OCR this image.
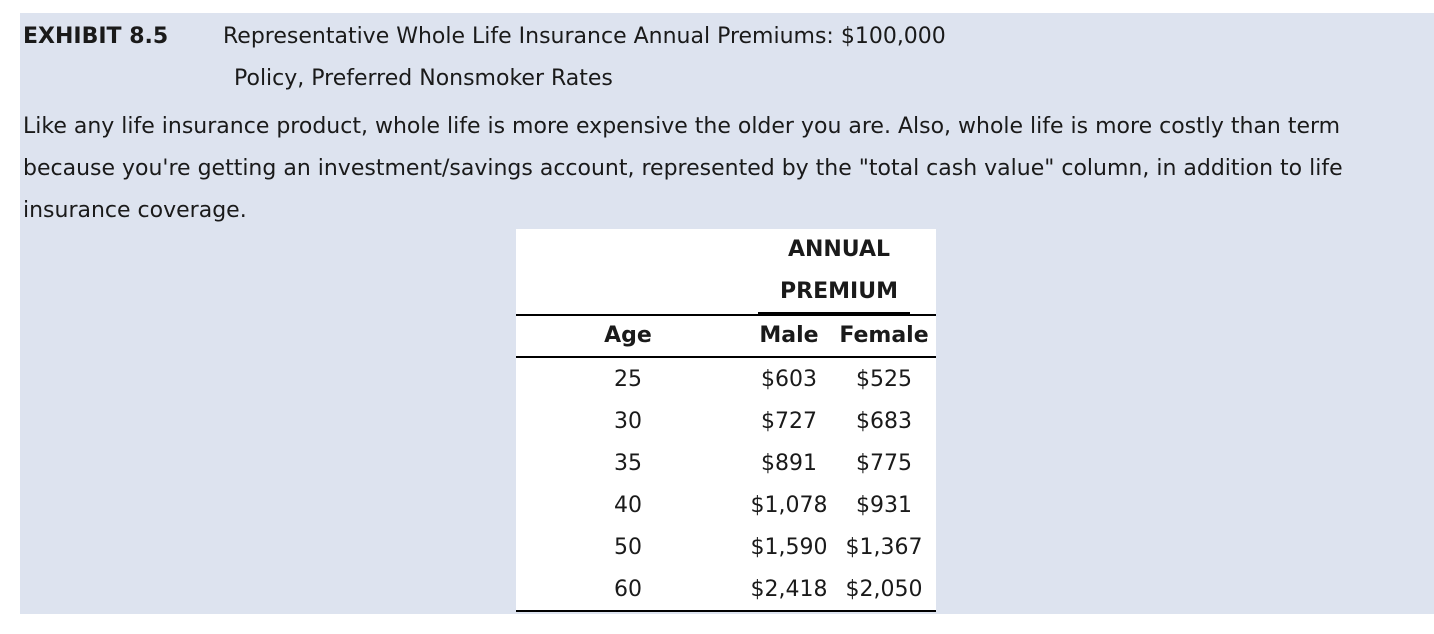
EXHIBIT 8.5 Representative Whole Life Insurance Annual Premiums: $100,000
Policy, Preferred Nonsmoker Rates

Like any life insurance product, whole life is more expensive the older you are. Also, whole life is more costly than term because you're getting an investment/savings account, represented by the "total cash value" column, in addition to life insurance coverage.

ANNUAL
PREMIUM
Age	Male Female
25	$603 $525
30	$727 $683
35	$891 $775
40	$1,078 $931
50	$1,590 $1,367
60	$2,418 $2,050
